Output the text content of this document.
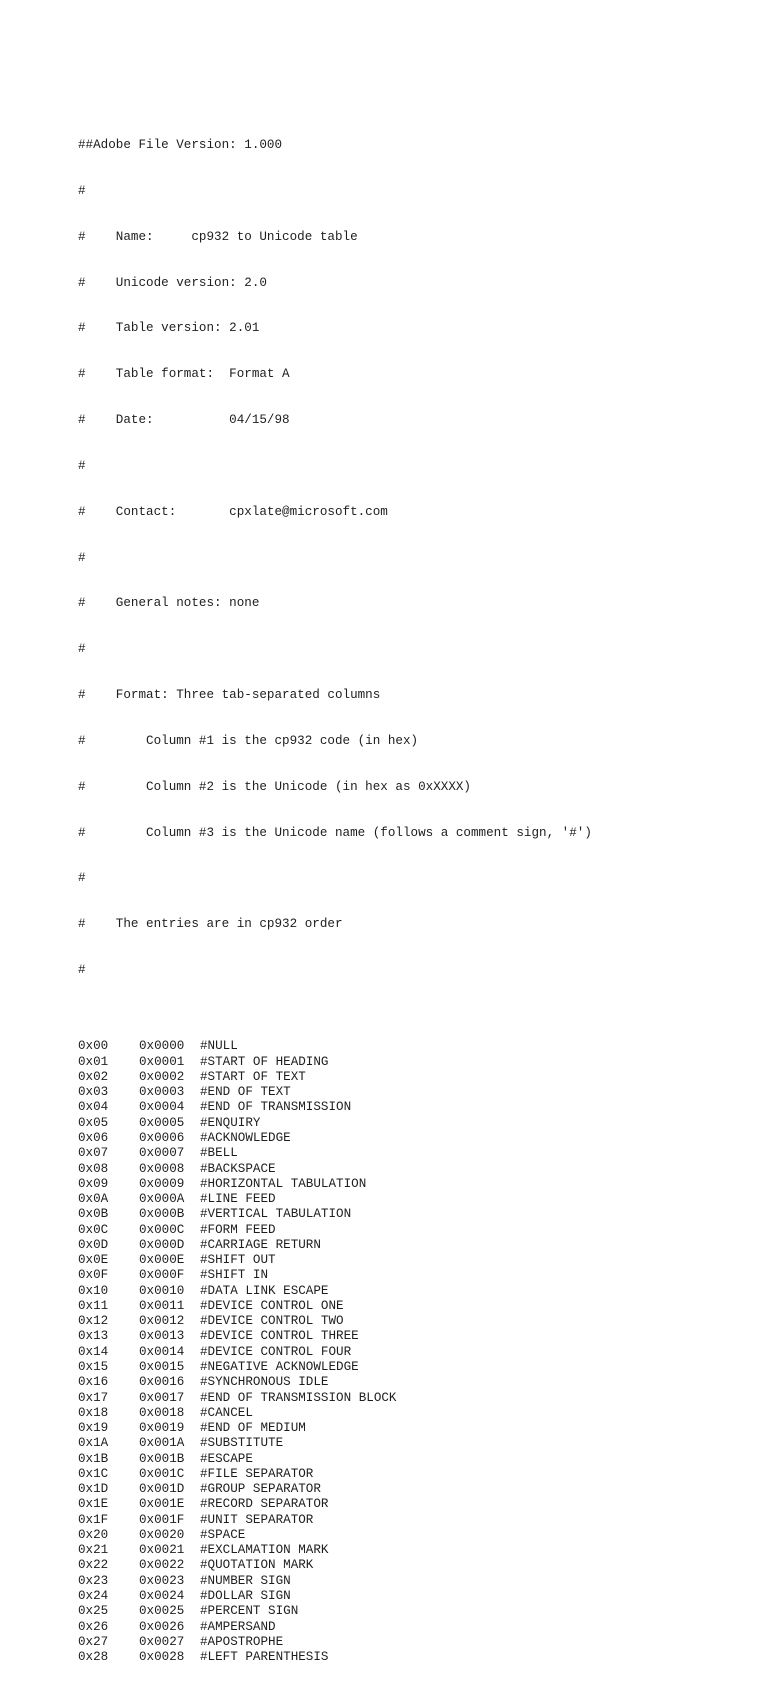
##Adobe File Version: 1.000

#

#    Name:     cp932 to Unicode table

#    Unicode version: 2.0

#    Table version: 2.01

#    Table format:  Format A

#    Date:          04/15/98

#

#    Contact:       cpxlate@microsoft.com

#

#    General notes: none

#

#    Format: Three tab-separated columns

#        Column #1 is the cp932 code (in hex)

#        Column #2 is the Unicode (in hex as 0xXXXX)

#        Column #3 is the Unicode name (follows a comment sign, '#')

#

#    The entries are in cp932 order

#

0x00 0x0000 #NULL
0x01 0x0001 #START OF HEADING
0x02 0x0002 #START OF TEXT
0x03 0x0003 #END OF TEXT
0x04 0x0004 #END OF TRANSMISSION
0x05 0x0005 #ENQUIRY
0x06 0x0006 #ACKNOWLEDGE
0x07 0x0007 #BELL
0x08 0x0008 #BACKSPACE
0x09 0x0009 #HORIZONTAL TABULATION
0x0A 0x000A #LINE FEED
0x0B 0x000B #VERTICAL TABULATION
0x0C 0x000C #FORM FEED
0x0D 0x000D #CARRIAGE RETURN
0x0E 0x000E #SHIFT OUT
0x0F 0x000F #SHIFT IN
0x10 0x0010 #DATA LINK ESCAPE
0x11 0x0011 #DEVICE CONTROL ONE
0x12 0x0012 #DEVICE CONTROL TWO
0x13 0x0013 #DEVICE CONTROL THREE
0x14 0x0014 #DEVICE CONTROL FOUR
0x15 0x0015 #NEGATIVE ACKNOWLEDGE
0x16 0x0016 #SYNCHRONOUS IDLE
0x17 0x0017 #END OF TRANSMISSION BLOCK
0x18 0x0018 #CANCEL
0x19 0x0019 #END OF MEDIUM
0x1A 0x001A #SUBSTITUTE
0x1B 0x001B #ESCAPE
0x1C 0x001C #FILE SEPARATOR
0x1D 0x001D #GROUP SEPARATOR
0x1E 0x001E #RECORD SEPARATOR
0x1F 0x001F #UNIT SEPARATOR
0x20 0x0020 #SPACE
0x21 0x0021 #EXCLAMATION MARK
0x22 0x0022 #QUOTATION MARK
0x23 0x0023 #NUMBER SIGN
0x24 0x0024 #DOLLAR SIGN
0x25 0x0025 #PERCENT SIGN
0x26 0x0026 #AMPERSAND
0x27 0x0027 #APOSTROPHE
0x28 0x0028 #LEFT PARENTHESIS
